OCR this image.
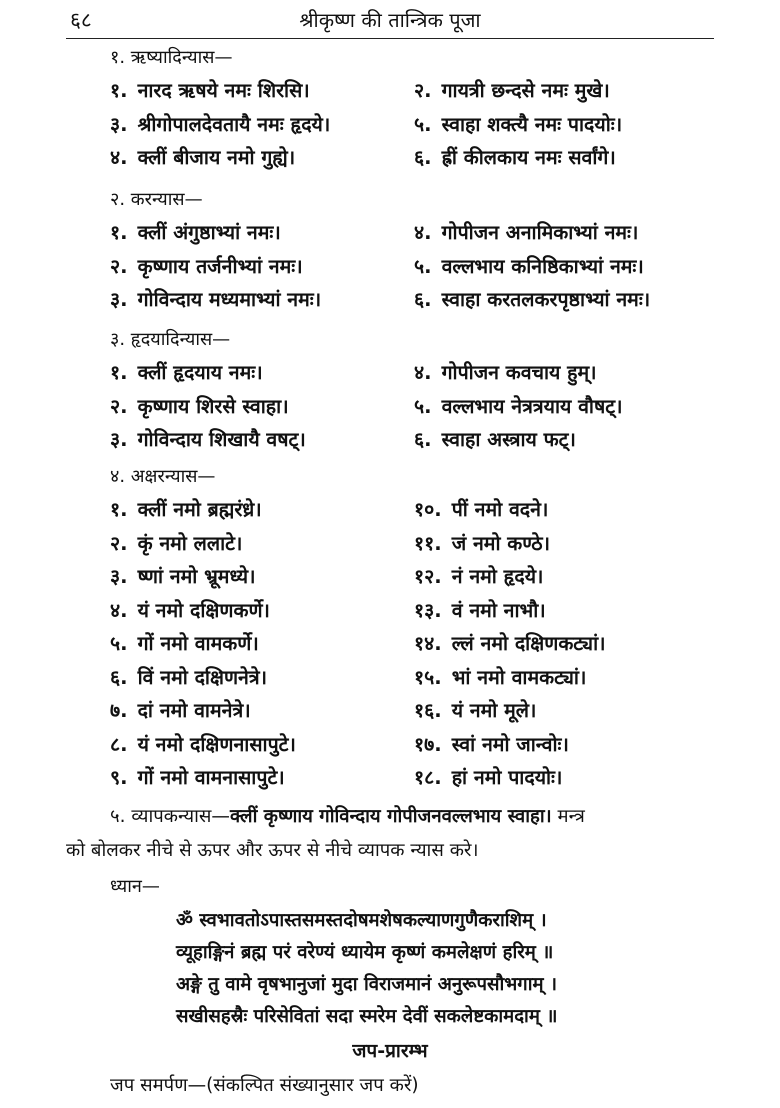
६८	श्रीकृष्ण की तान्त्रिक पूजा
१. ऋष्यादिन्यास—
१. नारद ऋषये नमः शिरसि।	२. गायत्री छन्दसे नमः मुखे।
३. श्रीगोपालदेवतायै नमः हृदये।	५. स्वाहा शक्त्यै नमः पादयोः।
४. क्लीं बीजाय नमो गुह्ये।	६. ह्रीं कीलकाय नमः सर्वांगे।
२. करन्यास—
१. क्लीं अंगुष्ठाभ्यां नमः।	४. गोपीजन अनामिकाभ्यां नमः।
२. कृष्णाय तर्जनीभ्यां नमः।	५. वल्लभाय कनिष्ठिकाभ्यां नमः।
३. गोविन्दाय मध्यमाभ्यां नमः।	६. स्वाहा करतलकरपृष्ठाभ्यां नमः।
३. हृदयादिन्यास—
१. क्लीं हृदयाय नमः।	४. गोपीजन कवचाय हुम्।
२. कृष्णाय शिरसे स्वाहा।	५. वल्लभाय नेत्रत्रयाय वौषट्।
३. गोविन्दाय शिखायै वषट्।	६. स्वाहा अस्त्राय फट्।
४. अक्षरन्यास—
१. क्लीं नमो ब्रह्मरंध्रे।	१०. पीं नमो वदने।
२. कृं नमो ललाटे।	११. जं नमो कण्ठे।
३. ष्णां नमो भ्रूमध्ये।	१२. नं नमो हृदये।
४. यं नमो दक्षिणकर्णे।	१३. वं नमो नाभौ।
५. गों नमो वामकर्णे।	१४. ल्लं नमो दक्षिणकट्यां।
६. विं नमो दक्षिणनेत्रे।	१५. भां नमो वामकट्यां।
७. दां नमो वामनेत्रे।	१६. यं नमो मूले।
८. यं नमो दक्षिणनासापुटे।	१७. स्वां नमो जान्वोः।
९. गों नमो वामनासापुटे।	१८. हां नमो पादयोः।
५. व्यापकन्यास—क्लीं कृष्णाय गोविन्दाय गोपीजनवल्लभाय स्वाहा। मन्त्र
को बोलकर नीचे से ऊपर और ऊपर से नीचे व्यापक न्यास करे।
ध्यान—
ॐ स्वभावतोऽपास्तसमस्तदोषमशेषकल्याणगुणैकराशिम् ।
व्यूहाङ्गिनं ब्रह्म परं वरेण्यं ध्यायेम कृष्णं कमलेक्षणं हरिम् ॥
अङ्गे तु वामे वृषभानुजां मुदा विराजमानं अनुरूपसौभगाम् ।
सखीसहस्रैः परिसेवितां सदा स्मरेम देवीं सकलेष्टकामदाम् ॥
जप-प्रारम्भ
जप समर्पण—(संकल्पित संख्यानुसार जप करें)
